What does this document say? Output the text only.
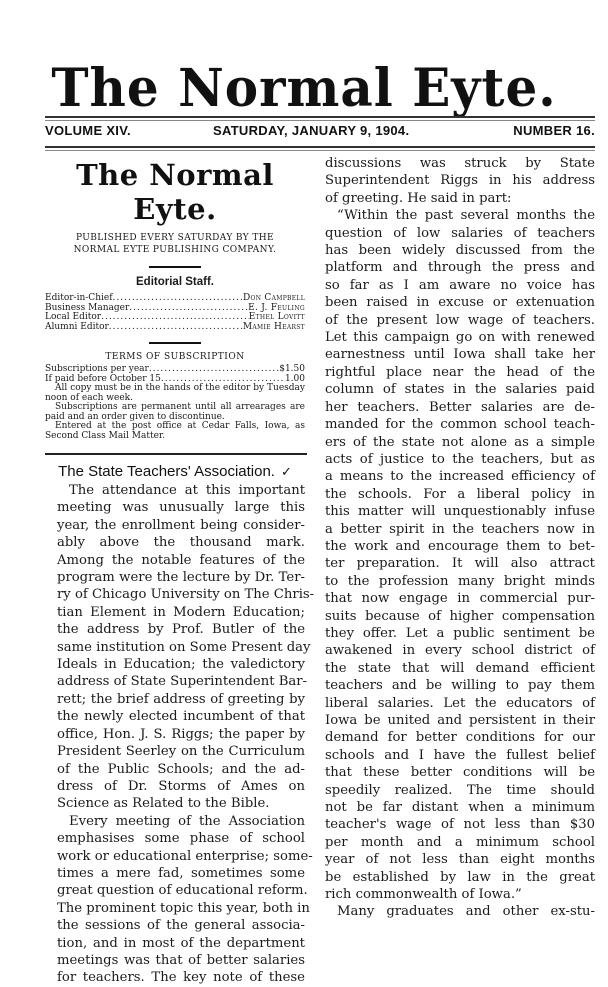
The Normal Eyte.
VOLUME XIV.	SATURDAY, JANUARY 9, 1904.	NUMBER 16.
The Normal Eyte.
PUBLISHED EVERY SATURDAY BY THE
NORMAL EYTE PUBLISHING COMPANY.
Editorial Staff.
Editor-in-Chief .....	Don Campbell
Business Manager .....	E. J. Feuling
Local Editor .....	Ethel Lovitt
Alumni Editor .....	Mamie Hearst
TERMS OF SUBSCRIPTION
Subscriptions per year .....	$1.50
If paid before October 15 .....	1.00
All copy must be in the hands of the editor by Tuesday noon of each week.
Subscriptions are permanent until all arrearages are paid and an order given to discontinue.
Entered at the post office at Cedar Falls, Iowa, as Second Class Mail Matter.
The State Teachers' Association. ✓
The attendance at this important
meeting was unusually large this
year, the enrollment being consider-
ably above the thousand mark.
Among the notable features of the
program were the lecture by Dr. Ter-
ry of Chicago University on The Chris-
tian Element in Modern Education;
the address by Prof. Butler of the
same institution on Some Present day
Ideals in Education; the valedictory
address of State Superintendent Bar-
rett; the brief address of greeting by
the newly elected incumbent of that
office, Hon. J. S. Riggs; the paper by
President Seerley on the Curriculum
of the Public Schools; and the ad-
dress of Dr. Storms of Ames on
Science as Related to the Bible.
Every meeting of the Association
emphasises some phase of school
work or educational enterprise; some-
times a mere fad, sometimes some
great question of educational reform.
The prominent topic this year, both in
the sessions of the general associa-
tion, and in most of the department
meetings was that of better salaries
for teachers. The key note of these
discussions was struck by State
Superintendent Riggs in his address
of greeting. He said in part:
“Within the past several months the
question of low salaries of teachers
has been widely discussed from the
platform and through the press and
so far as I am aware no voice has
been raised in excuse or extenuation
of the present low wage of teachers.
Let this campaign go on with renewed
earnestness until Iowa shall take her
rightful place near the head of the
column of states in the salaries paid
her teachers. Better salaries are de-
manded for the common school teach-
ers of the state not alone as a simple
acts of justice to the teachers, but as
a means to the increased efficiency of
the schools. For a liberal policy in
this matter will unquestionably infuse
a better spirit in the teachers now in
the work and encourage them to bet-
ter preparation. It will also attract
to the profession many bright minds
that now engage in commercial pur-
suits because of higher compensation
they offer. Let a public sentiment be
awakened in every school district of
the state that will demand efficient
teachers and be willing to pay them
liberal salaries. Let the educators of
Iowa be united and persistent in their
demand for better conditions for our
schools and I have the fullest belief
that these better conditions will be
speedily realized. The time should
not be far distant when a minimum
teacher's wage of not less than $30
per month and a minimum school
year of not less than eight months
be established by law in the great
rich commonwealth of Iowa.”
Many graduates and other ex-stu-
